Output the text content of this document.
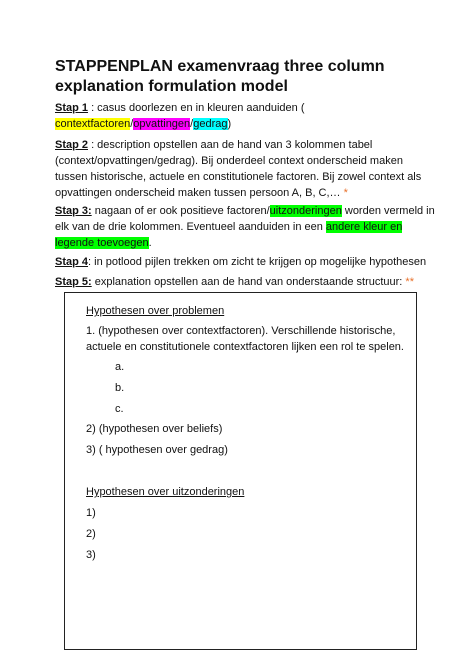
STAPPENPLAN examenvraag three column explanation formulation model
Stap 1 : casus doorlezen en in kleuren aanduiden (
contextfactoren/opvattingen/gedrag)
Stap 2 : description opstellen aan de hand van 3 kolommen tabel (context/opvattingen/gedrag). Bij onderdeel context onderscheid maken tussen historische, actuele en constitutionele factoren. Bij zowel context als opvattingen onderscheid maken tussen persoon A, B, C,… *
Stap 3: nagaan of er ook positieve factoren/uitzonderingen worden vermeld in elk van de drie kolommen. Eventueel aanduiden in een andere kleur en legende toevoegen.
Stap 4: in potlood pijlen trekken om zicht te krijgen op mogelijke hypothesen
Stap 5: explanation opstellen aan de hand van onderstaande structuur: **
Hypothesen over problemen
1. (hypothesen over contextfactoren). Verschillende historische, actuele en constitutionele contextfactoren lijken een rol te spelen.
a.
b.
c.
2) (hypothesen over beliefs)
3) ( hypothesen over gedrag)
Hypothesen over uitzonderingen
1)
2)
3)
